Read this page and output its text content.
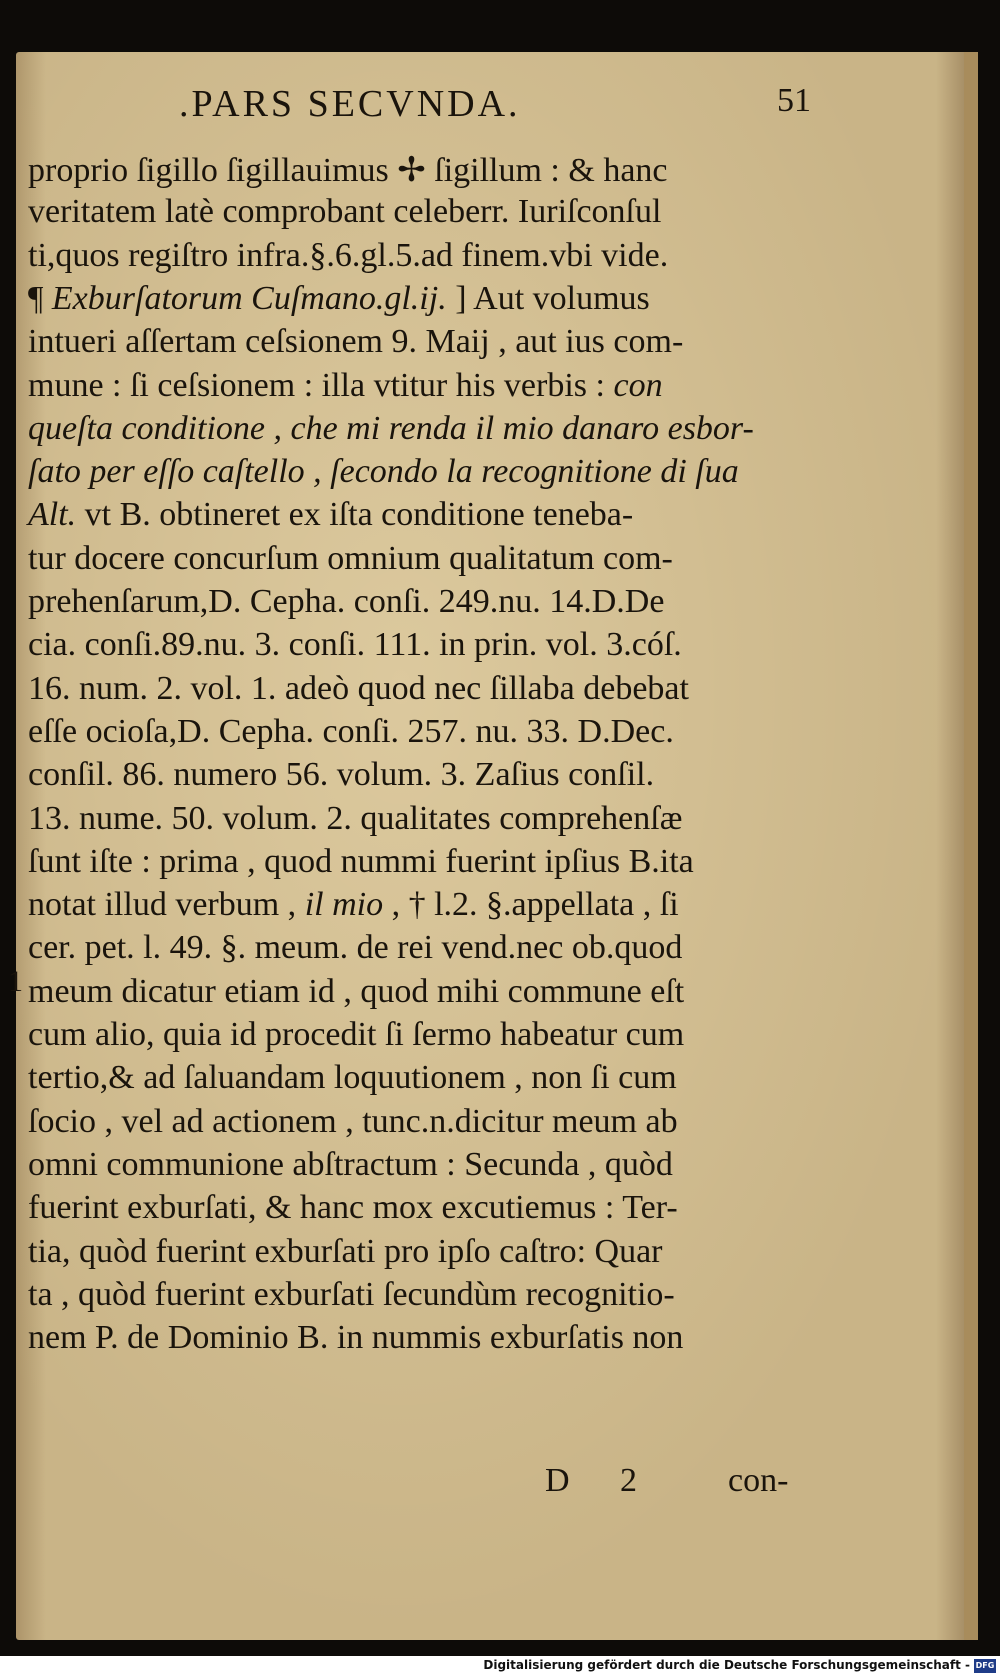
.PARS SECVNDA.	51
proprio ſigillo ſigillauimus ✢ ſigillum : & hanc
veritatem latè comprobant celeberr. Iuriſconſul
ti,quos regiſtro infra.§.6.gl.5.ad finem.vbi vide.
¶ Exburſatorum Cuſmano.gl.ij. ] Aut volumus
intueri aſſertam ceſsionem 9. Maij , aut ius com-
mune : ſi ceſsionem : illa vtitur his verbis : con
queſta conditione , che mi renda il mio danaro esbor-
ſato per eſſo caſtello , ſecondo la recognitione di ſua
Alt. vt B. obtineret ex iſta conditione teneba-
tur docere concurſum omnium qualitatum com-
prehenſarum,D. Cepha. conſi. 249.nu. 14.D.De
cia. conſi.89.nu. 3. conſi. 111. in prin. vol. 3.cóſ.
16. num. 2. vol. 1. adeò quod nec ſillaba debebat
eſſe ocioſa,D. Cepha. conſi. 257. nu. 33. D.Dec.
conſil. 86. numero 56. volum. 3. Zaſius conſil.
13. nume. 50. volum. 2. qualitates comprehenſæ
ſunt iſte : prima , quod nummi fuerint ipſius B.ita
notat illud verbum , il mio , † l.2. §.appellata , ſi
cer. pet. l. 49. §. meum. de rei vend.nec ob.quod
meum dicatur etiam id , quod mihi commune eſt
cum alio, quia id procedit ſi ſermo habeatur cum
tertio,& ad ſaluandam loquutionem , non ſi cum
ſocio , vel ad actionem , tunc.n.dicitur meum ab
omni communione abſtractum : Secunda , quòd
fuerint exburſati, & hanc mox excutiemus : Ter-
tia, quòd fuerint exburſati pro ipſo caſtro: Quar
ta , quòd fuerint exburſati ſecundùm recognitio-
nem P. de Dominio B. in nummis exburſatis non
1
D 2	con-
Digitalisierung gefördert durch die Deutsche Forschungsgemeinschaft - DFG
